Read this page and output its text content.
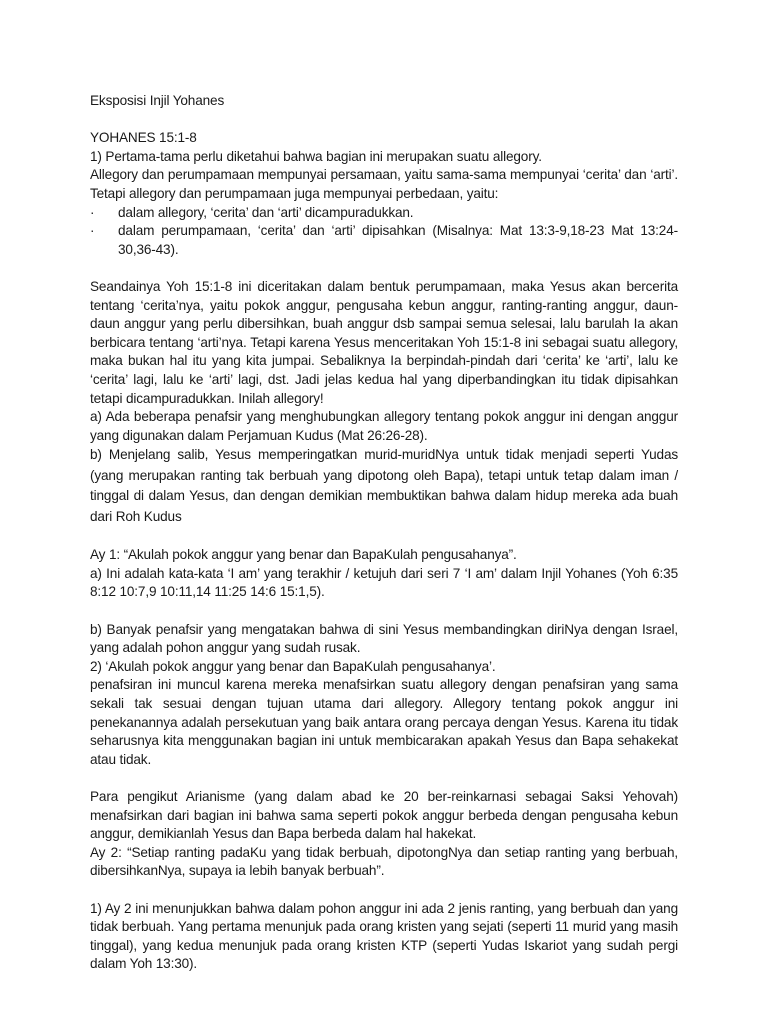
Eksposisi Injil Yohanes

YOHANES 15:1-8

1) Pertama-tama perlu diketahui bahwa bagian ini merupakan suatu allegory.

Allegory dan perumpamaan mempunyai persamaan, yaitu sama-sama mempunyai ‘cerita’ dan ‘arti’. Tetapi allegory dan perumpamaan juga mempunyai perbedaan, yaitu:

·	dalam allegory, ‘cerita’ dan ‘arti’ dicampuradukkan.
·	dalam perumpamaan, ‘cerita’ dan ‘arti’ dipisahkan (Misalnya: Mat 13:3-9,18-23 Mat 13:24-30,36-43).

Seandainya Yoh 15:1-8 ini diceritakan dalam bentuk perumpamaan, maka Yesus akan bercerita tentang ‘cerita’nya, yaitu pokok anggur, pengusaha kebun anggur, ranting-ranting anggur, daun-daun anggur yang perlu dibersihkan, buah anggur dsb sampai semua selesai, lalu barulah Ia akan berbicara tentang ‘arti’nya. Tetapi karena Yesus menceritakan Yoh 15:1-8 ini sebagai suatu allegory, maka bukan hal itu yang kita jumpai. Sebaliknya Ia berpindah-pindah dari ‘cerita’ ke ‘arti’, lalu ke ‘cerita’ lagi, lalu ke ‘arti’ lagi, dst. Jadi jelas kedua hal yang diperbandingkan itu tidak dipisahkan tetapi dicampuradukkan. Inilah allegory!

a) Ada beberapa penafsir yang menghubungkan allegory tentang pokok anggur ini dengan anggur yang digunakan dalam Perjamuan Kudus (Mat 26:26-28).

b) Menjelang salib, Yesus memperingatkan murid-muridNya untuk tidak menjadi seperti Yudas (yang merupakan ranting tak berbuah yang dipotong oleh Bapa), tetapi untuk tetap dalam iman / tinggal di dalam Yesus, dan dengan demikian membuktikan bahwa dalam hidup mereka ada buah dari Roh Kudus

Ay 1: “Akulah pokok anggur yang benar dan BapaKulah pengusahanya”.

a) Ini adalah kata-kata ‘I am’ yang terakhir / ketujuh dari seri 7 ‘I am’ dalam Injil Yohanes (Yoh 6:35 8:12 10:7,9 10:11,14 11:25 14:6 15:1,5).

b) Banyak penafsir yang mengatakan bahwa di sini Yesus membandingkan diriNya dengan Israel, yang adalah pohon anggur yang sudah rusak.

2) ‘Akulah pokok anggur yang benar dan BapaKulah pengusahanya’.

penafsiran ini muncul karena mereka menafsirkan suatu allegory dengan penafsiran yang sama sekali tak sesuai dengan tujuan utama dari allegory. Allegory tentang pokok anggur ini penekanannya adalah persekutuan yang baik antara orang percaya dengan Yesus. Karena itu tidak seharusnya kita menggunakan bagian ini untuk membicarakan apakah Yesus dan Bapa sehakekat atau tidak.

Para pengikut Arianisme (yang dalam abad ke 20 ber-reinkarnasi sebagai Saksi Yehovah) menafsirkan dari bagian ini bahwa sama seperti pokok anggur berbeda dengan pengusaha kebun anggur, demikianlah Yesus dan Bapa berbeda dalam hal hakekat.

Ay 2: “Setiap ranting padaKu yang tidak berbuah, dipotongNya dan setiap ranting yang berbuah, dibersihkanNya, supaya ia lebih banyak berbuah”.

1) Ay 2 ini menunjukkan bahwa dalam pohon anggur ini ada 2 jenis ranting, yang berbuah dan yang tidak berbuah. Yang pertama menunjuk pada orang kristen yang sejati (seperti 11 murid yang masih tinggal), yang kedua menunjuk pada orang kristen KTP (seperti Yudas Iskariot yang sudah pergi dalam Yoh 13:30).
